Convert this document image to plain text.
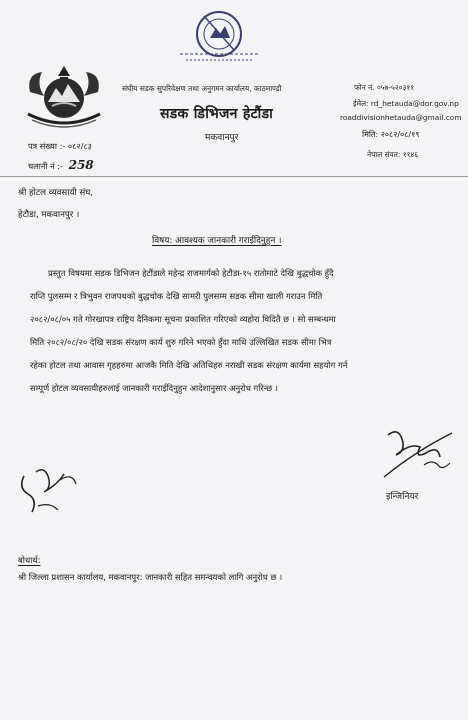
संघीय सडक सुपरिवेक्षण तथा अनुगमन कार्यालय, काठमाण्डौ
सडक डिभिजन हेटौंडा
मकवानपुर
फोन नं. ०५७-५२०३११
ईमेल: rd_hetauda@dor.gov.np
roaddivisionhetauda@gmail.com
मिति: २०८२/०८/१९
नेपाल संवत: ११४६
पत्र संख्या :- ०८२/८३
चलानी नं :- 258
श्री होटल व्यवसायी संघ,
हेटौडा, मकवानपुर ।
विषय: आवश्यक जानकारी गराईदिनुहुन ।
प्रस्तुत विषयमा सडक डिभिजन हेटौंडाले महेन्द्र राजमार्गको हेटौडा-१५ रातोमाटे देखि बुद्धचोक हुँदै
राप्ति पुलसम्म र त्रिभुवन राजपथको बुद्धचोक देखि सामरी पुलसम्म सडक सीमा खाली गराउन मिति
२०८२/०८/०५ गते गोरखापत्र राष्ट्रिय दैनिकमा सूचना प्रकाशित गरिएको व्यहोरा विदितै छ । सो सम्बन्धमा
मिति २०८२/०८/२० देखि सडक संरक्षण कार्य शुरु गरिने भएको हुँदा माथि उल्लिखित सडक सीमा भित्र
रहेका होटल तथा आवास गृहहरुमा आजकै मिति देखि अतिथिहरु नराखी सडक संरक्षण कार्यमा सहयोग गर्न
सम्पूर्ण होटल व्यवसायीहरुलाई जानकारी गराईदिनुहुन आदेशानुसार अनुरोध गरिन्छ ।
इन्जिनियर
बोधार्थ:
श्री जिल्ला प्रशासन कार्यालय, मकवानपुर: जानकारी सहित समन्वयको लागि अनुरोध छ ।
